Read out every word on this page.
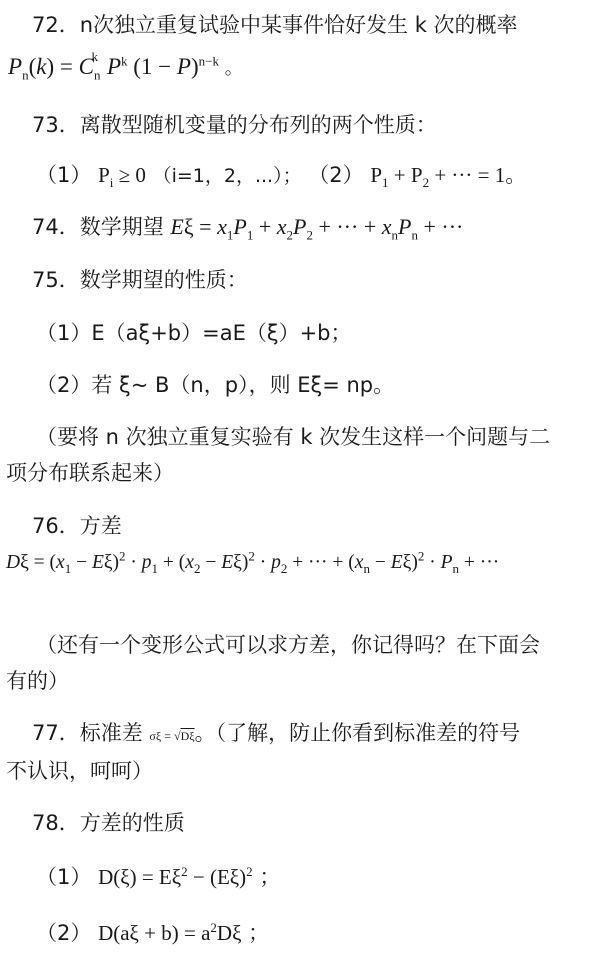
72．n次独立重复试验中某事件恰好发生 k 次的概率
$P_n(k) = C_n^k$ $P^k$ $(1 - P)^{n-k}$ 。
73．离散型随机变量的分布列的两个性质：
（1） $P_i \ge 0$ （i=1，2，...）； （2） $P_1 + P_2$ + ··· = 1。
74．数学期望 $E\xi = x_1P_1 + x_2P_2$ + ··· + $x_nP_n$ + ···
75．数学期望的性质：
（1）E（aξ+b）=aE（ξ）+b；
（2）若 ξ~ B（n，p），则 Eξ= np。
（要将 n 次独立重复实验有 k 次发生这样一个问题与二
项分布联系起来）
76．方差
$D\xi = (x_1 - E\xi)^2 \cdot p_1 + (x_2 - E\xi)^2 \cdot p_2$ + ··· + $(x_n - E\xi)^2 \cdot P_n$ + ···
（还有一个变形公式可以求方差，你记得吗？在下面会
有的）
77．标准差 σξ = √Dξ。（了解，防止你看到标准差的符号
不认识，呵呵）
78．方差的性质
（1） $D(\xi) = E\xi^2 - (E\xi)^2$ ；
（2） $D(a\xi + b) = a^2D\xi$ ；
